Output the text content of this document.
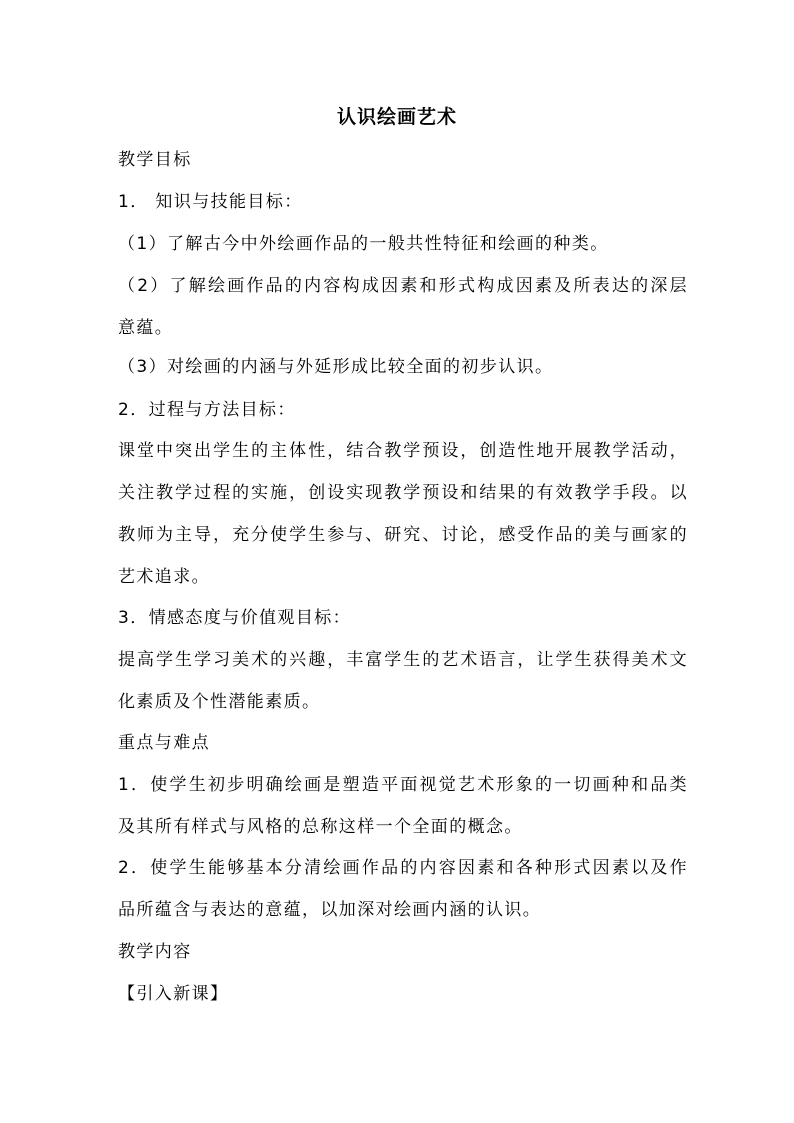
认识绘画艺术
教学目标
1． 知识与技能目标：
（1）了解古今中外绘画作品的一般共性特征和绘画的种类。
（2）了解绘画作品的内容构成因素和形式构成因素及所表达的深层
意蕴。
（3）对绘画的内涵与外延形成比较全面的初步认识。
2．过程与方法目标：
课堂中突出学生的主体性，结合教学预设，创造性地开展教学活动，
关注教学过程的实施，创设实现教学预设和结果的有效教学手段。以
教师为主导，充分使学生参与、研究、讨论，感受作品的美与画家的
艺术追求。
3．情感态度与价值观目标：
提高学生学习美术的兴趣，丰富学生的艺术语言，让学生获得美术文
化素质及个性潜能素质。
重点与难点
1．使学生初步明确绘画是塑造平面视觉艺术形象的一切画种和品类
及其所有样式与风格的总称这样一个全面的概念。
2．使学生能够基本分清绘画作品的内容因素和各种形式因素以及作
品所蕴含与表达的意蕴，以加深对绘画内涵的认识。
教学内容
【引入新课】
